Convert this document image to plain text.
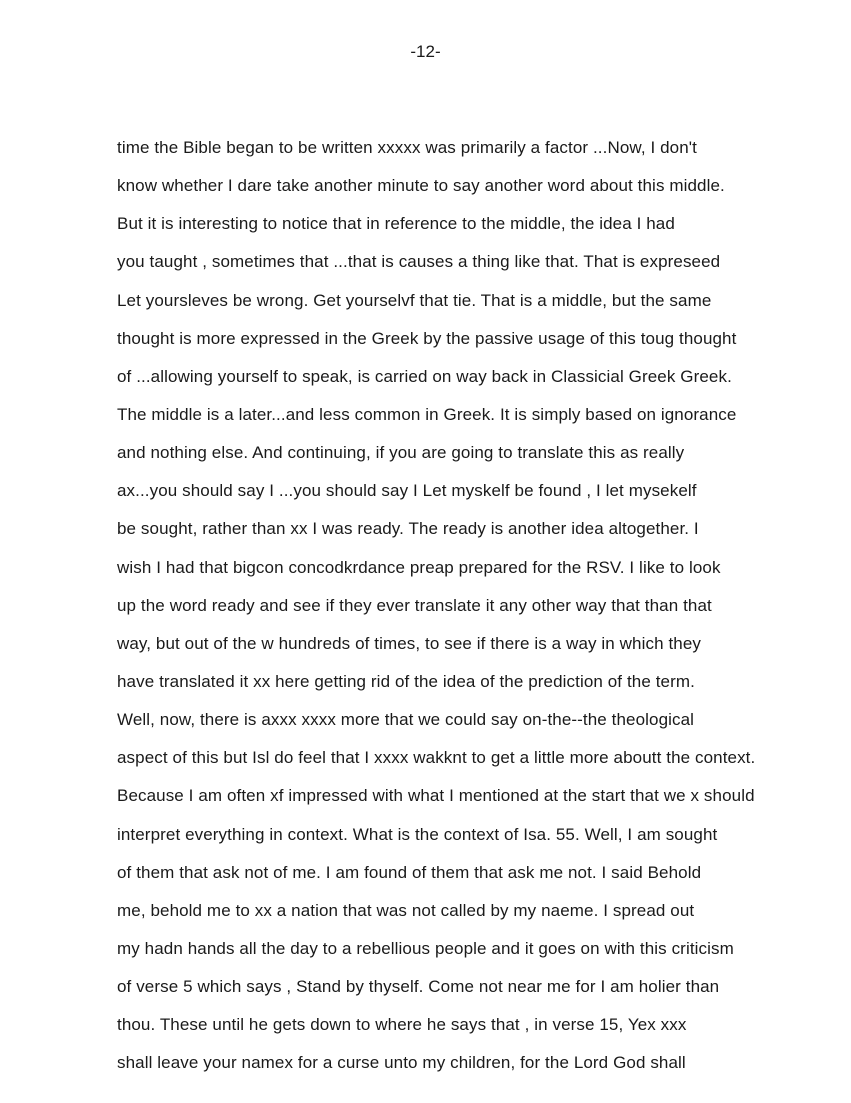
-12-
time the Bible began to be written xxxxx was primarily a factor ...Now, I don't
know whether I dare take another minute to say another word about this middle.
But it is interesting to notice that in reference to the middle, the idea I had
you taught , sometimes that ...that is causes a thing like that. That is expreseed
Let yoursleves be wrong. Get yourselvf that tie. That is a middle, but the same
thought is more expressed in the Greek by the passive usage of this toug thought
of ...allowing yourself to speak, is carried on way back in Classicial Greek Greek.
The middle is a later...and less common in Greek. It is simply based on ignorance
and nothing else. And continuing, if you are going to translate this as really
ax...you should say I ...you should say I Let myskelf be found , I let mysekelf
be sought, rather than xx I was ready. The ready is another idea altogether. I
wish I had that bigcon concodkrdance preap prepared for the RSV. I like to look
up the word ready and see if they ever translate it any other way that than that
way, but out of the w hundreds of times, to see if there is a way in which they
have translated it xx here getting rid of the idea of the prediction of the term.
Well, now, there is axxx xxxx more that we could say on-the--the theological
aspect of this but Isl do feel that I xxxx wakknt to get a little more aboutt the context.
Because I am often xf impressed with what I mentioned at the start that we x should
interpret everything in context. What is the context of Isa. 55. Well, I am sought
of them that ask not of me. I am found of them that ask me not. I said Behold
me, behold me to xx a nation that was not called by my naeme. I spread out
my hadn hands all the day to a rebellious people and it goes on with this criticism
of verse 5 which says , Stand by thyself. Come not near me for I am holier than
thou. These until he gets down to where he says that , in verse 15, Yex xxx
shall leave your namex for a curse unto my children, for the Lord God shall
